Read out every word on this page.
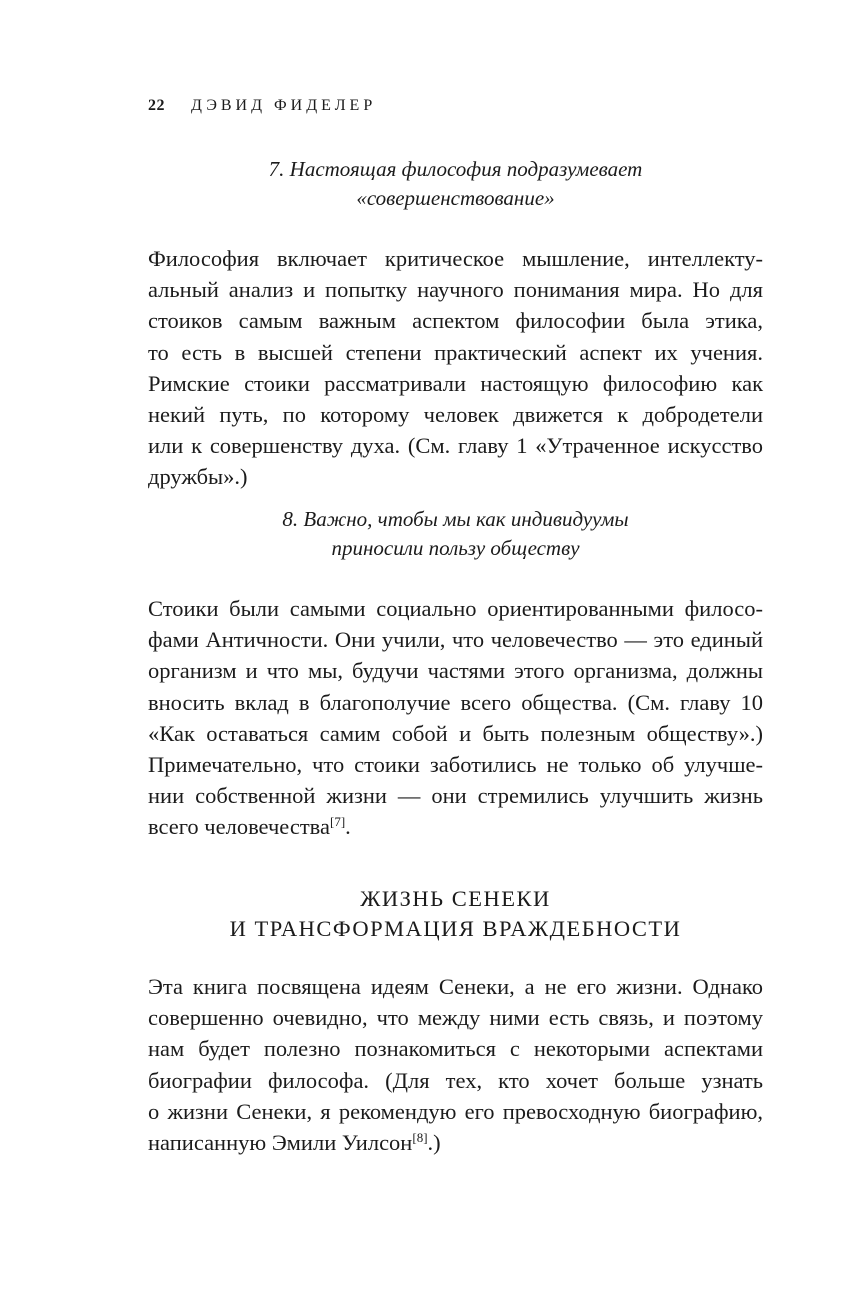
22 ДЭВИД ФИДЕЛЕР
7. Настоящая философия подразумевает
«совершенствование»
Философия включает критическое мышление, интеллекту-
альный анализ и попытку научного понимания мира. Но для
стоиков самым важным аспектом философии была этика,
то есть в высшей степени практический аспект их учения.
Римские стоики рассматривали настоящую философию как
некий путь, по которому человек движется к добродетели
или к совершенству духа. (См. главу 1 «Утраченное искусство
дружбы».)
8. Важно, чтобы мы как индивидуумы
приносили пользу обществу
Стоики были самыми социально ориентированными филосо-
фами Античности. Они учили, что человечество — это единый
организм и что мы, будучи частями этого организма, должны
вносить вклад в благополучие всего общества. (См. главу 10
«Как оставаться самим собой и быть полезным обществу».)
Примечательно, что стоики заботились не только об улучше-
нии собственной жизни — они стремились улучшить жизнь
всего человечества[7].
ЖИЗНЬ СЕНЕКИ
И ТРАНСФОРМАЦИЯ ВРАЖДЕБНОСТИ
Эта книга посвящена идеям Сенеки, а не его жизни. Однако
совершенно очевидно, что между ними есть связь, и поэтому
нам будет полезно познакомиться с некоторыми аспектами
биографии философа. (Для тех, кто хочет больше узнать
о жизни Сенеки, я рекомендую его превосходную биографию,
написанную Эмили Уилсон[8].)
